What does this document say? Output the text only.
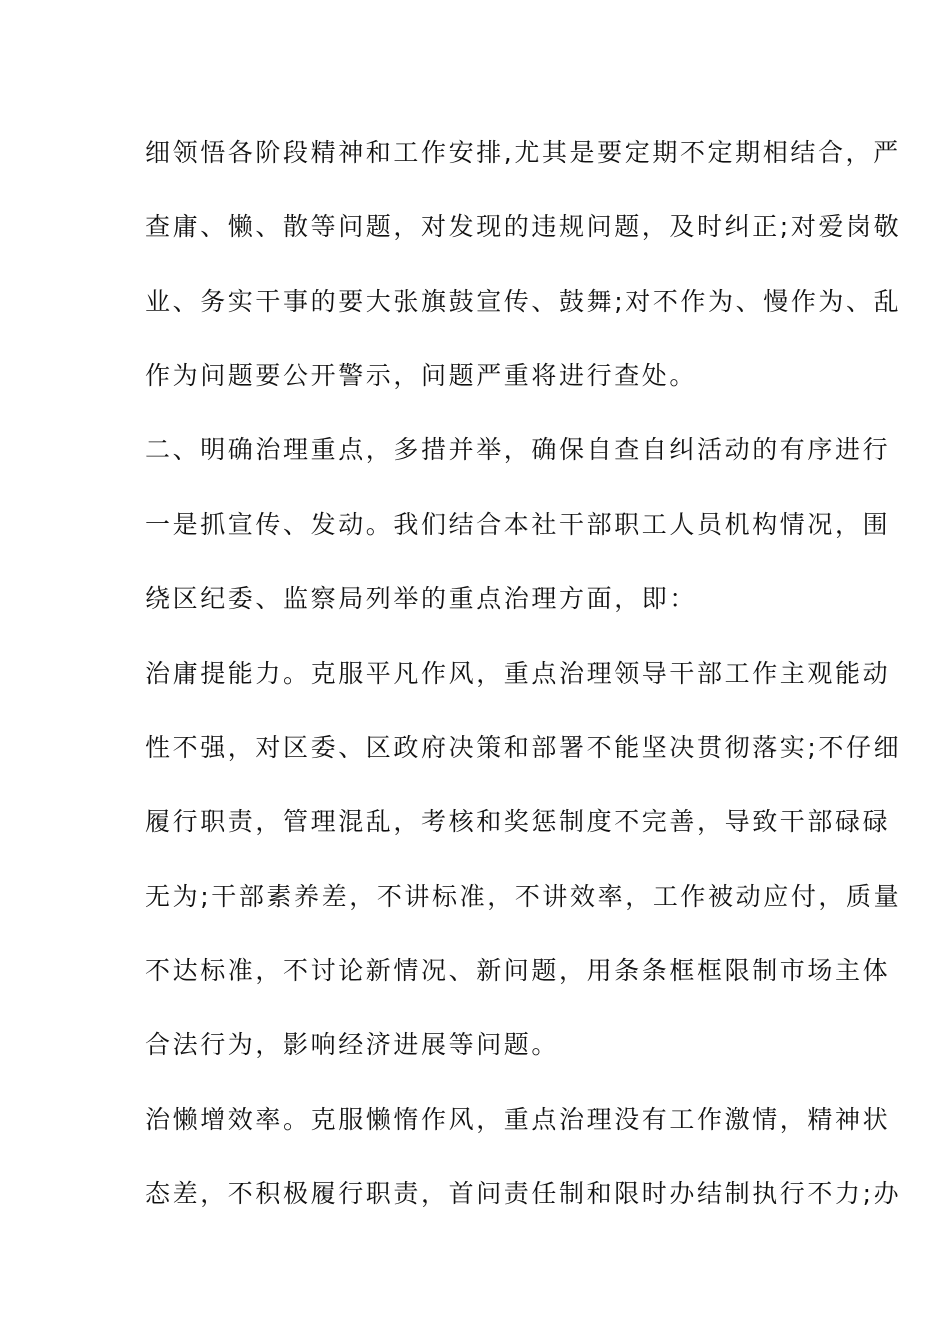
细领悟各阶段精神和工作安排,尤其是要定期不定期相结合，严
查庸、懒、散等问题，对发现的违规问题，及时纠正;对爱岗敬
业、务实干事的要大张旗鼓宣传、鼓舞;对不作为、慢作为、乱
作为问题要公开警示，问题严重将进行查处。
二、明确治理重点，多措并举，确保自查自纠活动的有序进行
一是抓宣传、发动。我们结合本社干部职工人员机构情况，围
绕区纪委、监察局列举的重点治理方面，即：
治庸提能力。克服平凡作风，重点治理领导干部工作主观能动
性不强，对区委、区政府决策和部署不能坚决贯彻落实;不仔细
履行职责，管理混乱，考核和奖惩制度不完善，导致干部碌碌
无为;干部素养差，不讲标准，不讲效率，工作被动应付，质量
不达标准，不讨论新情况、新问题，用条条框框限制市场主体
合法行为，影响经济进展等问题。
治懒增效率。克服懒惰作风，重点治理没有工作激情，精神状
态差，不积极履行职责，首问责任制和限时办结制执行不力;办
